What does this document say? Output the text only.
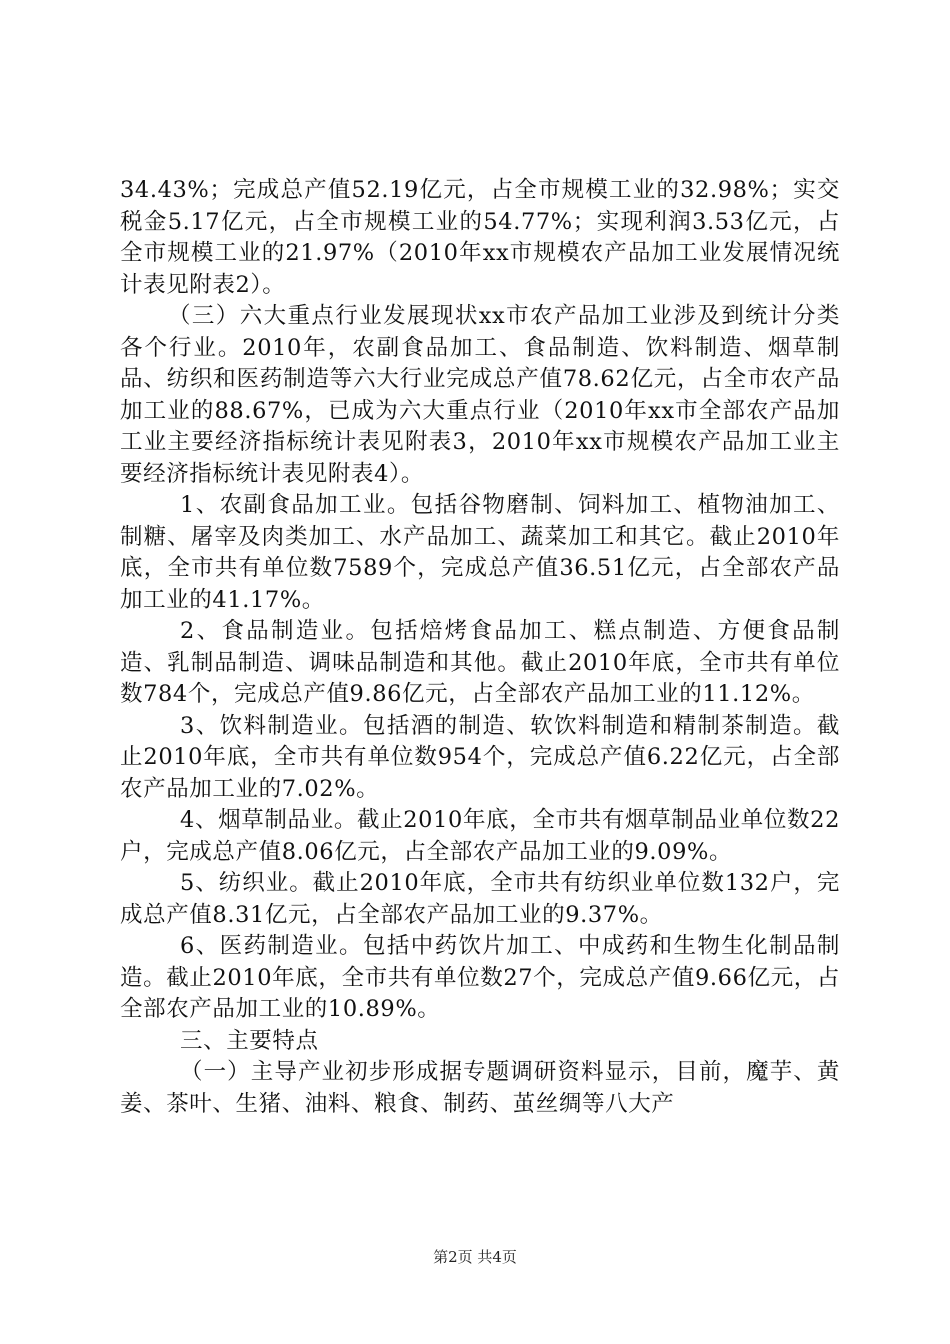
34.43%；完成总产值52.19亿元，占全市规模工业的32.98%；实交税金5.17亿元，占全市规模工业的54.77%；实现利润3.53亿元，占全市规模工业的21.97%（2010年xx市规模农产品加工业发展情况统计表见附表2）。

（三）六大重点行业发展现状xx市农产品加工业涉及到统计分类各个行业。2010年，农副食品加工、食品制造、饮料制造、烟草制品、纺织和医药制造等六大行业完成总产值78.62亿元，占全市农产品加工业的88.67%，已成为六大重点行业（2010年xx市全部农产品加工业主要经济指标统计表见附表3，2010年xx市规模农产品加工业主要经济指标统计表见附表4）。

1、农副食品加工业。包括谷物磨制、饲料加工、植物油加工、制糖、屠宰及肉类加工、水产品加工、蔬菜加工和其它。截止2010年底，全市共有单位数7589个，完成总产值36.51亿元，占全部农产品加工业的41.17%。

2、食品制造业。包括焙烤食品加工、糕点制造、方便食品制造、乳制品制造、调味品制造和其他。截止2010年底，全市共有单位数784个，完成总产值9.86亿元，占全部农产品加工业的11.12%。

3、饮料制造业。包括酒的制造、软饮料制造和精制茶制造。截止2010年底，全市共有单位数954个，完成总产值6.22亿元，占全部农产品加工业的7.02%。

4、烟草制品业。截止2010年底，全市共有烟草制品业单位数22户，完成总产值8.06亿元，占全部农产品加工业的9.09%。

5、纺织业。截止2010年底，全市共有纺织业单位数132户，完成总产值8.31亿元，占全部农产品加工业的9.37%。

6、医药制造业。包括中药饮片加工、中成药和生物生化制品制造。截止2010年底，全市共有单位数27个，完成总产值9.66亿元，占全部农产品加工业的10.89%。

三、主要特点

（一）主导产业初步形成据专题调研资料显示，目前，魔芋、黄姜、茶叶、生猪、油料、粮食、制药、茧丝绸等八大产

第2页 共4页
